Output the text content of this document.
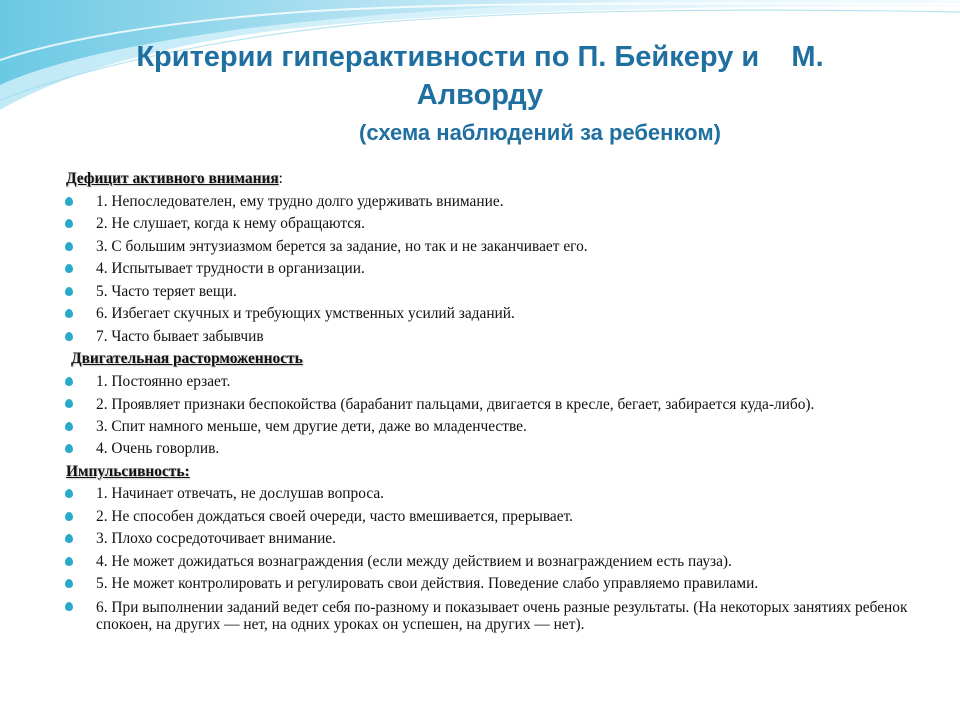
Критерии гиперактивности по П. Бейкеру и    М.
Алворду
(схема наблюдений за ребенком)
Дефицит активного внимания:
1. Непоследователен, ему трудно долго удерживать внимание.
2. Не слушает, когда к нему обращаются.
3. С большим энтузиазмом берется за задание, но так и не заканчивает его.
4. Испытывает трудности в организации.
5. Часто теряет вещи.
6. Избегает скучных и требующих умственных усилий заданий.
7. Часто бывает забывчив
Двигательная расторможенность
1. Постоянно ерзает.
2. Проявляет признаки беспокойства (барабанит пальцами, двигается в кресле, бегает, забирается куда-либо).
3. Спит намного меньше, чем другие дети, даже во младенчестве.
4. Очень говорлив.
Импульсивность:
1. Начинает отвечать, не дослушав вопроса.
2. Не способен дождаться своей очереди, часто вмешивается, прерывает.
3. Плохо сосредоточивает внимание.
4. Не может дожидаться вознаграждения (если между действием и вознаграждением есть пауза).
5. Не может контролировать и регулировать свои действия. Поведение слабо управляемо правилами.
6. При выполнении заданий ведет себя по-разному и показывает очень разные результаты. (На некоторых занятиях ребенок спокоен, на других — нет, на одних уроках он успешен, на других — нет).
